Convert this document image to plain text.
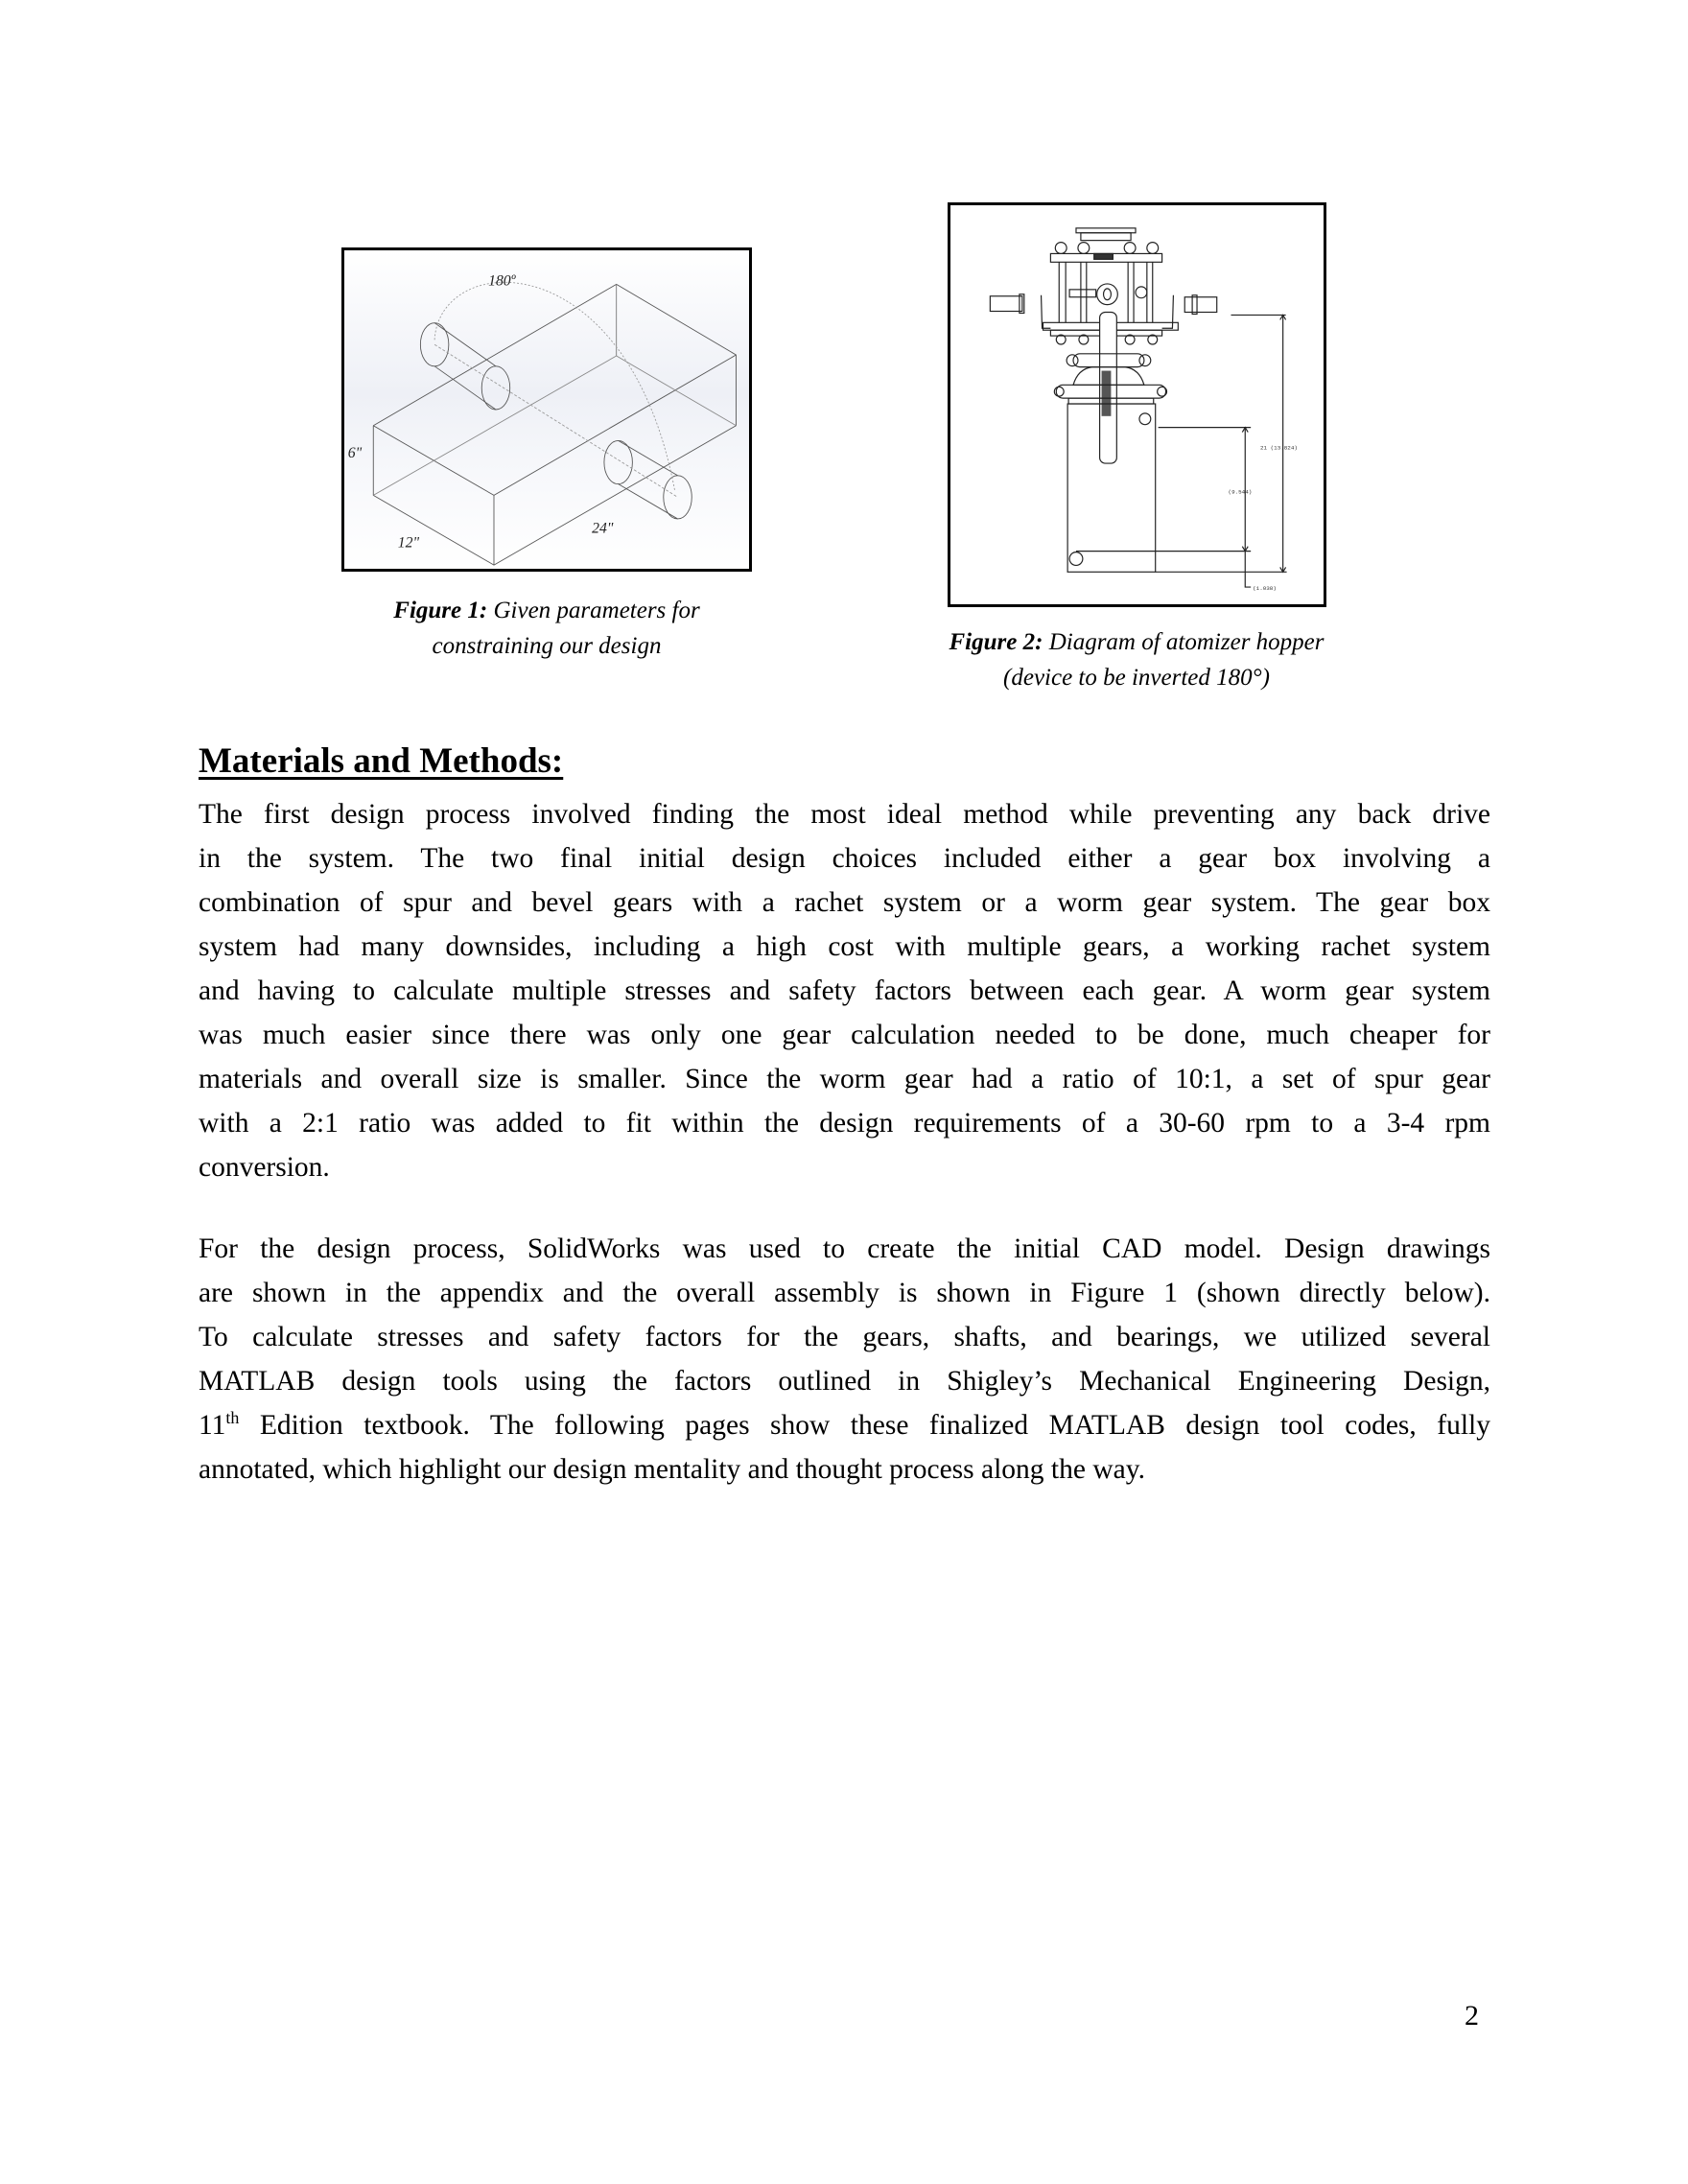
180º
6"
12"
24"
Figure 1: Given parameters for
constraining our design
21 (13.824)
(9.544)
(1.038)
Figure 2: Diagram of atomizer hopper
(device to be inverted 180°)
Materials and Methods:
The first design process involved finding the most ideal method while preventing any back drive
in the system. The two final initial design choices included either a gear box involving a
combination of spur and bevel gears with a rachet system or a worm gear system. The gear box
system had many downsides, including a high cost with multiple gears, a working rachet system
and having to calculate multiple stresses and safety factors between each gear. A worm gear system
was much easier since there was only one gear calculation needed to be done, much cheaper for
materials and overall size is smaller. Since the worm gear had a ratio of 10:1, a set of spur gear
with a 2:1 ratio was added to fit within the design requirements of a 30-60 rpm to a 3-4 rpm
conversion.
For the design process, SolidWorks was used to create the initial CAD model. Design drawings
are shown in the appendix and the overall assembly is shown in Figure 1 (shown directly below).
To calculate stresses and safety factors for the gears, shafts, and bearings, we utilized several
MATLAB design tools using the factors outlined in Shigley’s Mechanical Engineering Design,
11th Edition textbook. The following pages show these finalized MATLAB design tool codes, fully
annotated, which highlight our design mentality and thought process along the way.
2
